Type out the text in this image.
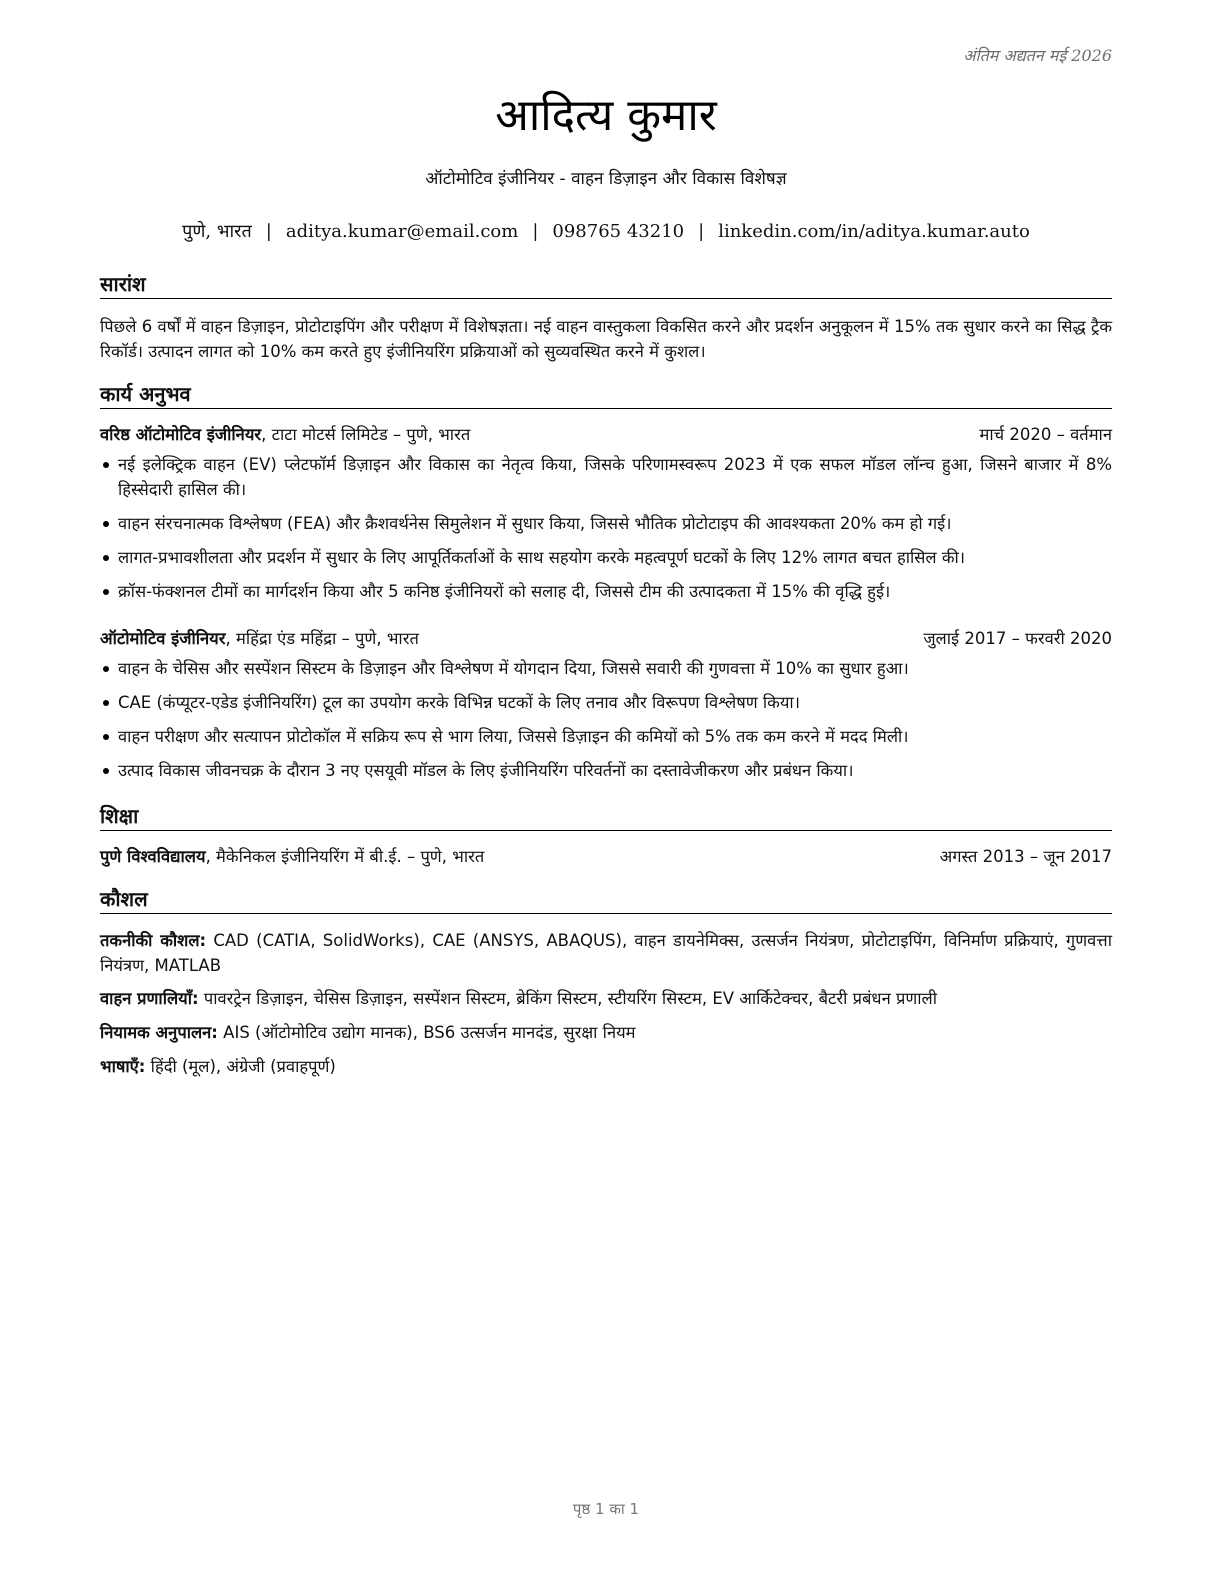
अंतिम अद्यतन मई 2026
आदित्य कुमार
ऑटोमोटिव इंजीनियर - वाहन डिज़ाइन और विकास विशेषज्ञ
पुणे, भारत | aditya.kumar@email.com | 098765 43210 | linkedin.com/in/aditya.kumar.auto
सारांश
पिछले 6 वर्षों में वाहन डिज़ाइन, प्रोटोटाइपिंग और परीक्षण में विशेषज्ञता। नई वाहन वास्तुकला विकसित करने और प्रदर्शन अनुकूलन में 15% तक सुधार करने का सिद्ध ट्रैक रिकॉर्ड। उत्पादन लागत को 10% कम करते हुए इंजीनियरिंग प्रक्रियाओं को सुव्यवस्थित करने में कुशल।
कार्य अनुभव
वरिष्ठ ऑटोमोटिव इंजीनियर, टाटा मोटर्स लिमिटेड – पुणे, भारत	मार्च 2020 – वर्तमान
नई इलेक्ट्रिक वाहन (EV) प्लेटफॉर्म डिज़ाइन और विकास का नेतृत्व किया, जिसके परिणामस्वरूप 2023 में एक सफल मॉडल लॉन्च हुआ, जिसने बाजार में 8% हिस्सेदारी हासिल की।
वाहन संरचनात्मक विश्लेषण (FEA) और क्रैशवर्थनेस सिमुलेशन में सुधार किया, जिससे भौतिक प्रोटोटाइप की आवश्यकता 20% कम हो गई।
लागत-प्रभावशीलता और प्रदर्शन में सुधार के लिए आपूर्तिकर्ताओं के साथ सहयोग करके महत्वपूर्ण घटकों के लिए 12% लागत बचत हासिल की।
क्रॉस-फंक्शनल टीमों का मार्गदर्शन किया और 5 कनिष्ठ इंजीनियरों को सलाह दी, जिससे टीम की उत्पादकता में 15% की वृद्धि हुई।
ऑटोमोटिव इंजीनियर, महिंद्रा एंड महिंद्रा – पुणे, भारत	जुलाई 2017 – फरवरी 2020
वाहन के चेसिस और सस्पेंशन सिस्टम के डिज़ाइन और विश्लेषण में योगदान दिया, जिससे सवारी की गुणवत्ता में 10% का सुधार हुआ।
CAE (कंप्यूटर-एडेड इंजीनियरिंग) टूल का उपयोग करके विभिन्न घटकों के लिए तनाव और विरूपण विश्लेषण किया।
वाहन परीक्षण और सत्यापन प्रोटोकॉल में सक्रिय रूप से भाग लिया, जिससे डिज़ाइन की कमियों को 5% तक कम करने में मदद मिली।
उत्पाद विकास जीवनचक्र के दौरान 3 नए एसयूवी मॉडल के लिए इंजीनियरिंग परिवर्तनों का दस्तावेजीकरण और प्रबंधन किया।
शिक्षा
पुणे विश्वविद्यालय, मैकेनिकल इंजीनियरिंग में बी.ई. – पुणे, भारत	अगस्त 2013 – जून 2017
कौशल
तकनीकी कौशल: CAD (CATIA, SolidWorks), CAE (ANSYS, ABAQUS), वाहन डायनेमिक्स, उत्सर्जन नियंत्रण, प्रोटोटाइपिंग, विनिर्माण प्रक्रियाएं, गुणवत्ता नियंत्रण, MATLAB
वाहन प्रणालियाँ: पावरट्रेन डिज़ाइन, चेसिस डिज़ाइन, सस्पेंशन सिस्टम, ब्रेकिंग सिस्टम, स्टीयरिंग सिस्टम, EV आर्किटेक्चर, बैटरी प्रबंधन प्रणाली
नियामक अनुपालन: AIS (ऑटोमोटिव उद्योग मानक), BS6 उत्सर्जन मानदंड, सुरक्षा नियम
भाषाएँ: हिंदी (मूल), अंग्रेजी (प्रवाहपूर्ण)
पृष्ठ 1 का 1
